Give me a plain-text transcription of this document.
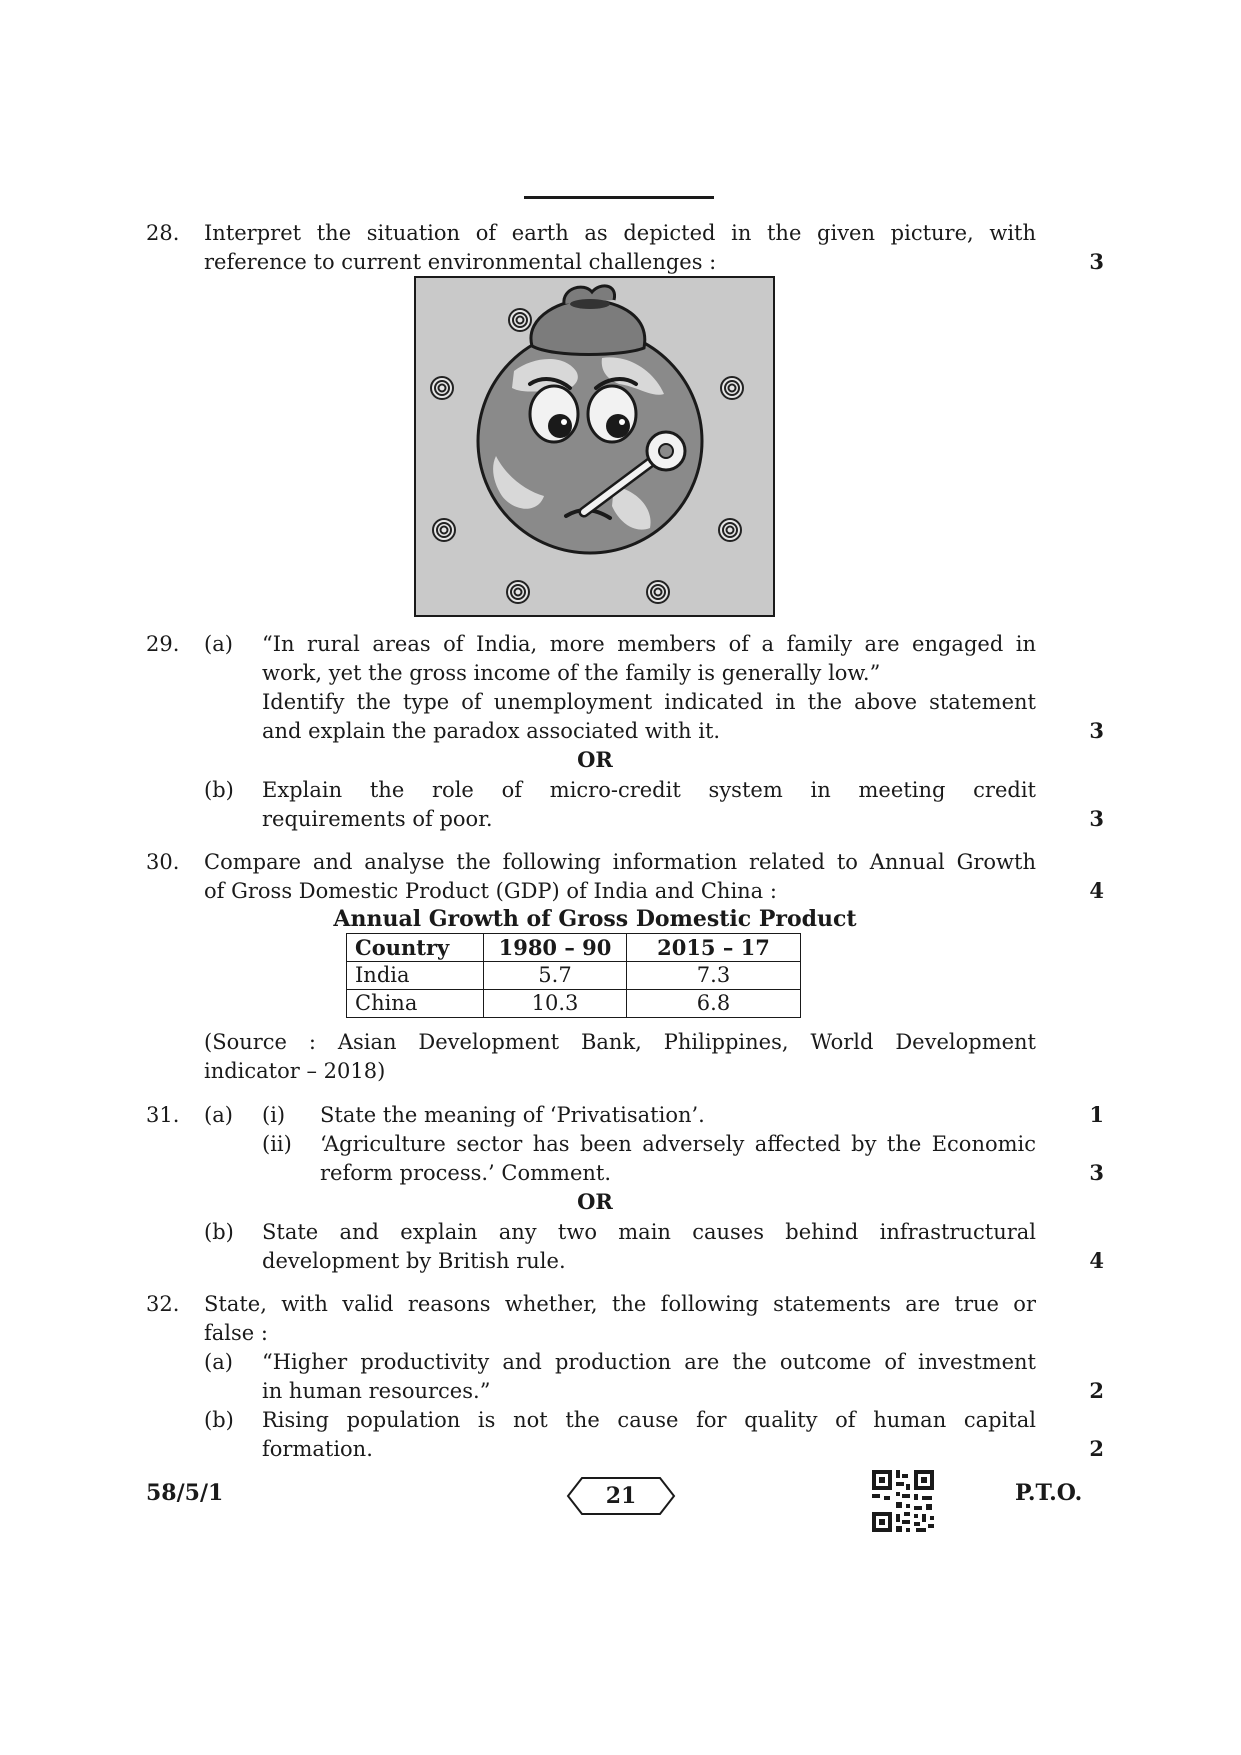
28. Interpret the situation of earth as depicted in the given picture, with
reference to current environmental challenges :	3
29. (a) “In rural areas of India, more members of a family are engaged in
work, yet the gross income of the family is generally low.”
Identify the type of unemployment indicated in the above statement
and explain the paradox associated with it.	3
OR
(b) Explain the role of micro-credit system in meeting credit
requirements of poor.	3
30. Compare and analyse the following information related to Annual Growth
of Gross Domestic Product (GDP) of India and China :	4
Annual Growth of Gross Domestic Product
Country	1980 – 90	2015 – 17
India	5.7	7.3
China	10.3	6.8
(Source : Asian Development Bank, Philippines, World Development
indicator – 2018)
31. (a) (i) State the meaning of ‘Privatisation’.	1
(ii) ‘Agriculture sector has been adversely affected by the Economic
reform process.’ Comment.	3
OR
(b) State and explain any two main causes behind infrastructural
development by British rule.	4
32. State, with valid reasons whether, the following statements are true or
false :
(a) “Higher productivity and production are the outcome of investment
in human resources.”	2
(b) Rising population is not the cause for quality of human capital
formation.	2
58/5/1	21	P.T.O.
